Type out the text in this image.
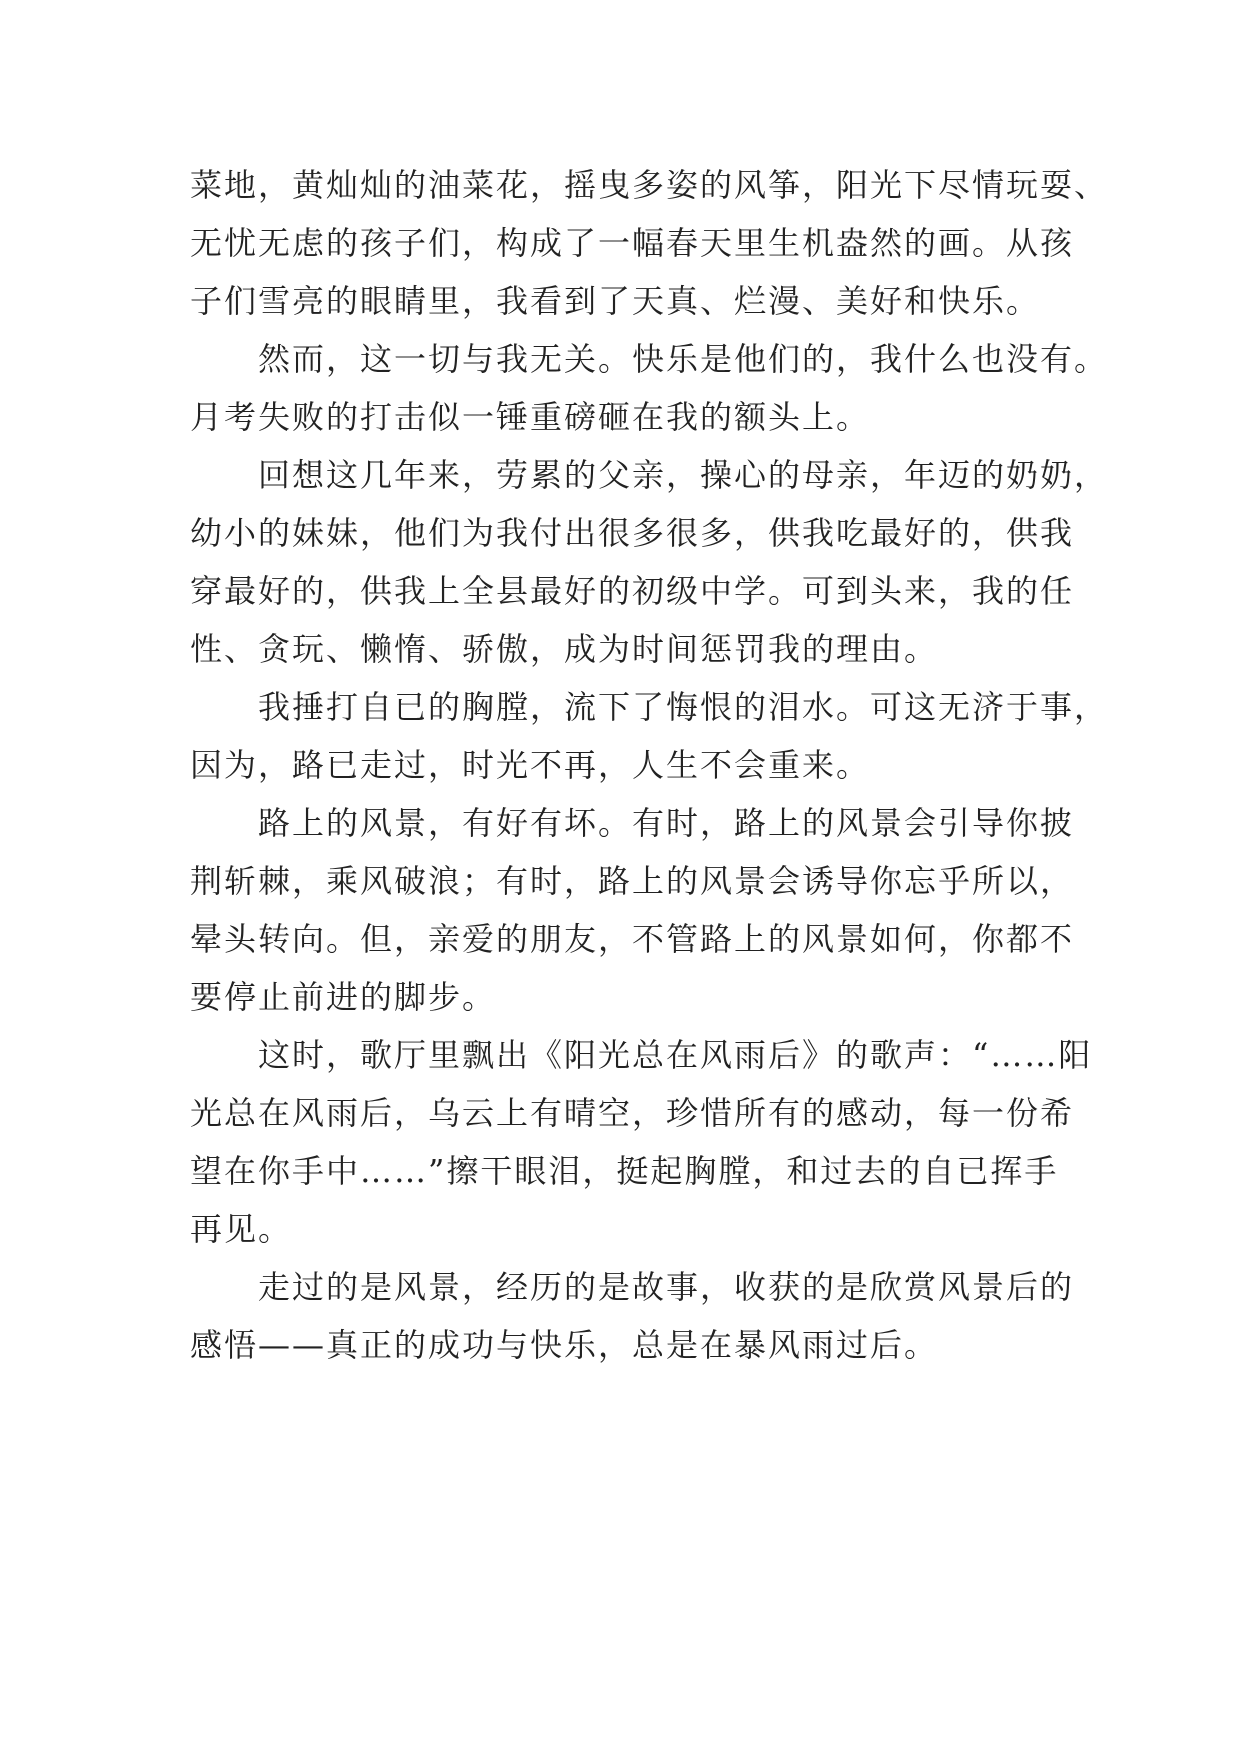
菜地，黄灿灿的油菜花，摇曳多姿的风筝，阳光下尽情玩耍、
无忧无虑的孩子们，构成了一幅春天里生机盎然的画。从孩
子们雪亮的眼睛里，我看到了天真、烂漫、美好和快乐。
然而，这一切与我无关。快乐是他们的，我什么也没有。
月考失败的打击似一锤重磅砸在我的额头上。
回想这几年来，劳累的父亲，操心的母亲，年迈的奶奶，
幼小的妹妹，他们为我付出很多很多，供我吃最好的，供我
穿最好的，供我上全县最好的初级中学。可到头来，我的任
性、贪玩、懒惰、骄傲，成为时间惩罚我的理由。
我捶打自已的胸膛，流下了悔恨的泪水。可这无济于事，
因为，路已走过，时光不再，人生不会重来。
路上的风景，有好有坏。有时，路上的风景会引导你披
荆斩棘，乘风破浪；有时，路上的风景会诱导你忘乎所以，
晕头转向。但，亲爱的朋友，不管路上的风景如何，你都不
要停止前进的脚步。
这时，歌厅里飘出《阳光总在风雨后》的歌声：“……阳
光总在风雨后，乌云上有晴空，珍惜所有的感动，每一份希
望在你手中……”擦干眼泪，挺起胸膛，和过去的自已挥手
再见。
走过的是风景，经历的是故事，收获的是欣赏风景后的
感悟——真正的成功与快乐，总是在暴风雨过后。
